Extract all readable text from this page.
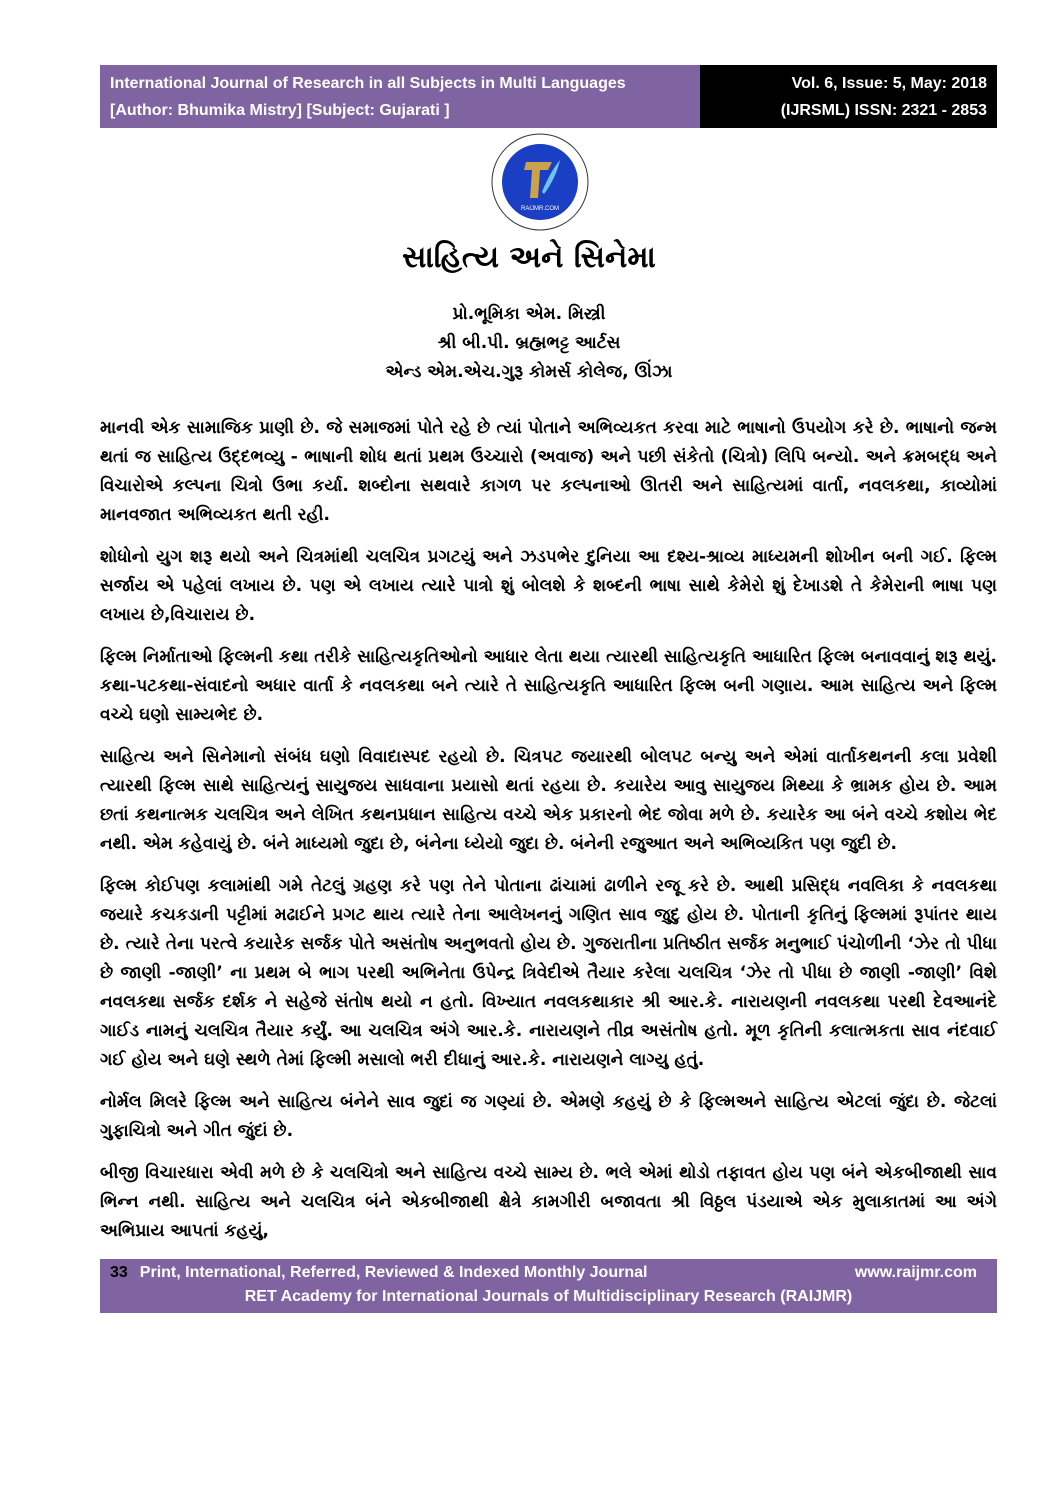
International Journal of Research in all Subjects in Multi Languages
[Author: Bhumika Mistry] [Subject: Gujarati ]
Vol. 6, Issue: 5, May: 2018
(IJRSML) ISSN: 2321 - 2853
RAIJMR.COM
સાહિત્ય અને સિનેમા
પ્રો.ભૂમિકા એમ. મિસ્ત્રી
શ્રી બી.પી. બ્રહ્મભટ્ટ આર્ટસ
એન્ડ એમ.એચ.ગુરૂ કોમર્સ કોલેજ, ઊંઝા

માનવી એક સામાજિક પ્રાણી છે. જે સમાજમાં પોતે રહે છે ત્યાં પોતાને અભિવ્યકત કરવા માટે ભાષાનો ઉપયોગ કરે છે. ભાષાનો જન્મ થતાં જ સાહિત્ય ઉદ્દભવ્યુ - ભાષાની શોધ થતાં પ્રથમ ઉચ્ચારો (અવાજ) અને પછી સંકેતો (ચિત્રો) લિપિ બન્યો. અને ક્રમબદ્ધ અને વિચારોએ કલ્પના ચિત્રો ઉભા કર્યા. શબ્દોના સથવારે કાગળ પર કલ્પનાઓ ઊતરી અને સાહિત્યમાં વાર્તા, નવલકથા, કાવ્યોમાં માનવજાત અભિવ્યકત થતી રહી.

શોધોનો યુગ શરૂ થયો અને ચિત્રમાંથી ચલચિત્ર પ્રગટયું અને ઝડપભેર દુનિયા આ દશ્ય-શ્રાવ્ય માધ્યમની શોખીન બની ગઈ. ફિલ્મ સર્જાય એ પહેલાં લખાય છે. પણ એ લખાય ત્યારે પાત્રો શું બોલશે કે શબ્દની ભાષા સાથે કેમેરો શું દેખાડશે તે કેમેરાની ભાષા પણ લખાય છે,વિચારાય છે.

ફિલ્મ નિર્માતાઓ ફિલ્મની કથા તરીકે સાહિત્યકૃતિઓનો આધાર લેતા થયા ત્યારથી સાહિત્યકૃતિ આધારિત ફિલ્મ બનાવવાનું શરૂ થયું. કથા-પટકથા-સંવાદનો અધાર વાર્તા કે નવલકથા બને ત્યારે તે સાહિત્યકૃતિ આધારિત ફિલ્મ બની ગણાય. આમ સાહિત્ય અને ફિલ્મ વચ્ચે ઘણો સામ્યભેદ છે.

સાહિત્ય અને સિનેમાનો સંબંધ ઘણો વિવાદાસ્પદ રહયો છે. ચિત્રપટ જયારથી બોલપટ બન્યુ અને એમાં વાર્તાકથનની કલા પ્રવેશી ત્યારથી ફિલ્મ સાથે સાહિત્યનું સાયુજય સાધવાના પ્રયાસો થતાં રહયા છે. કયારેય આવુ સાયુજય મિથ્યા કે ભ્રામક હોય છે. આમ છતાં કથનાત્મક ચલચિત્ર અને લેખિત કથનપ્રધાન સાહિત્ય વચ્ચે એક પ્રકારનો ભેદ જોવા મળે છે. કયારેક આ બંને વચ્ચે કશોય ભેદ નથી. એમ કહેવાયું છે. બંને માધ્યમો જુદા છે, બંનેના ધ્યેયો જુદા છે. બંનેની રજુઆત અને અભિવ્યકિત પણ જુદી છે.

ફિલ્મ કોઈપણ કલામાંથી ગમે તેટલું ગ્રહણ કરે પણ તેને પોતાના ઢાંચામાં ઢાળીને રજૂ કરે છે. આથી પ્રસિદ્ધ નવલિકા કે નવલકથા જયારે કચકડાની પટ્ટીમાં મઢાઈને પ્રગટ થાય ત્યારે તેના આલેખનનું ગણિત સાવ જુદુ હોય છે. પોતાની કૃતિનું ફિલ્મમાં રૂપાંતર થાય છે. ત્યારે તેના પરત્વે કયારેક સર્જક પોતે અસંતોષ અનુભવતો હોય છે. ગુજરાતીના પ્રતિષ્ઠીત સર્જક મનુભાઈ પંચોળીની ‘ઝેર તો પીધા છે જાણી -જાણી’ ના પ્રથમ બે ભાગ પરથી અભિનેતા ઉપેન્દ્ર ત્રિવેદીએ તૈયાર કરેલા ચલચિત્ર ‘ઝેર તો પીધા છે જાણી -જાણી’ વિશે નવલકથા સર્જક દર્શક ને સહેજે સંતોષ થયો ન હતો. વિખ્યાત નવલકથાકાર શ્રી આર.કે. નારાયણની નવલકથા પરથી દેવઆનંદે ગાઈડ નામનું ચલચિત્ર તૈયાર કર્યું. આ ચલચિત્ર અંગે આર.કે. નારાયણને તીવ્ર અસંતોષ હતો. મૂળ કૃતિની કલાત્મકતા સાવ નંદવાઈ ગઈ હોય અને ઘણે સ્થળે તેમાં ફિલ્મી મસાલો ભરી દીધાનું આર.કે. નારાયણને લાગ્યુ હતું.

નોર્મલ મિલરે ફિલ્મ અને સાહિત્ય બંનેને સાવ જુદાં જ ગણ્યાં છે. એમણે કહયું છે કે ફિલ્મઅને સાહિત્ય એટલાં જુંદા છે. જેટલાં ગુફાચિત્રો અને ગીત જુંદાં છે.

બીજી વિચારધારા એવી મળે છે કે ચલચિત્રો અને સાહિત્ય વચ્ચે સામ્ય છે. ભલે એમાં થોડો તફાવત હોય પણ બંને એકબીજાથી સાવ ભિન્ન નથી. સાહિત્ય અને ચલચિત્ર બંને એકબીજાથી ક્ષેત્રે કામગીરી બજાવતા શ્રી વિઠ્ઠલ પંડયાએ એક મુલાકાતમાં આ અંગે અભિપ્રાય આપતાં કહયું,

33 Print, International, Referred, Reviewed & Indexed Monthly Journal	www.raijmr.com
RET Academy for International Journals of Multidisciplinary Research (RAIJMR)
